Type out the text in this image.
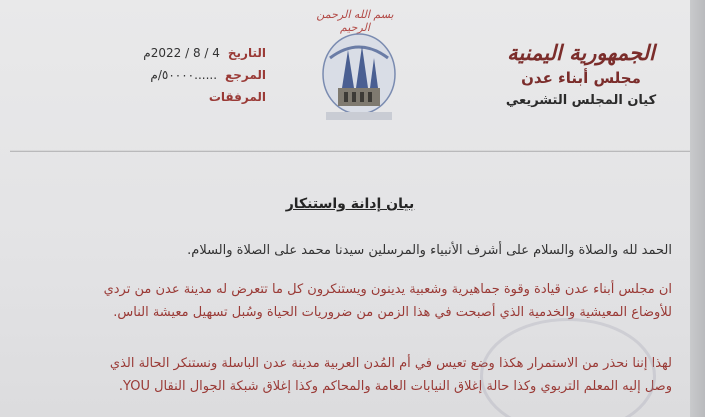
بسم الله الرحمن الرحيم
الجمهورية اليمنية
مجلس أبناء عدن
كيان المجلس التشريعي
التاريخ
4 / 8 / 2022م
المرجع
......٥٠٠٠٠/م
المرفقات
بيان إدانة واستنكار
الحمد لله والصلاة والسلام على أشرف الأنبياء والمرسلين سيدنا محمد على الصلاة والسلام.
ان مجلس أبناء عدن قيادة وقوة جماهيرية وشعبية يدينون ويستنكرون كل ما تتعرض له مدينة عدن من تردي
للأوضاع المعيشية والخدمية الذي أصبحت في هذا الزمن من ضروريات الحياة وسُبل تسهيل معيشة الناس.
لهذا إننا نحذر من الاستمرار هكذا وضع تعيس في أم المُدن العربية مدينة عدن الباسلة ونستنكر الحالة الذي
وصل إليه المعلم التربوي وكذا حالة إغلاق النيابات العامة والمحاكم وكذا إغلاق شبكة الجوال النقال YOU.
